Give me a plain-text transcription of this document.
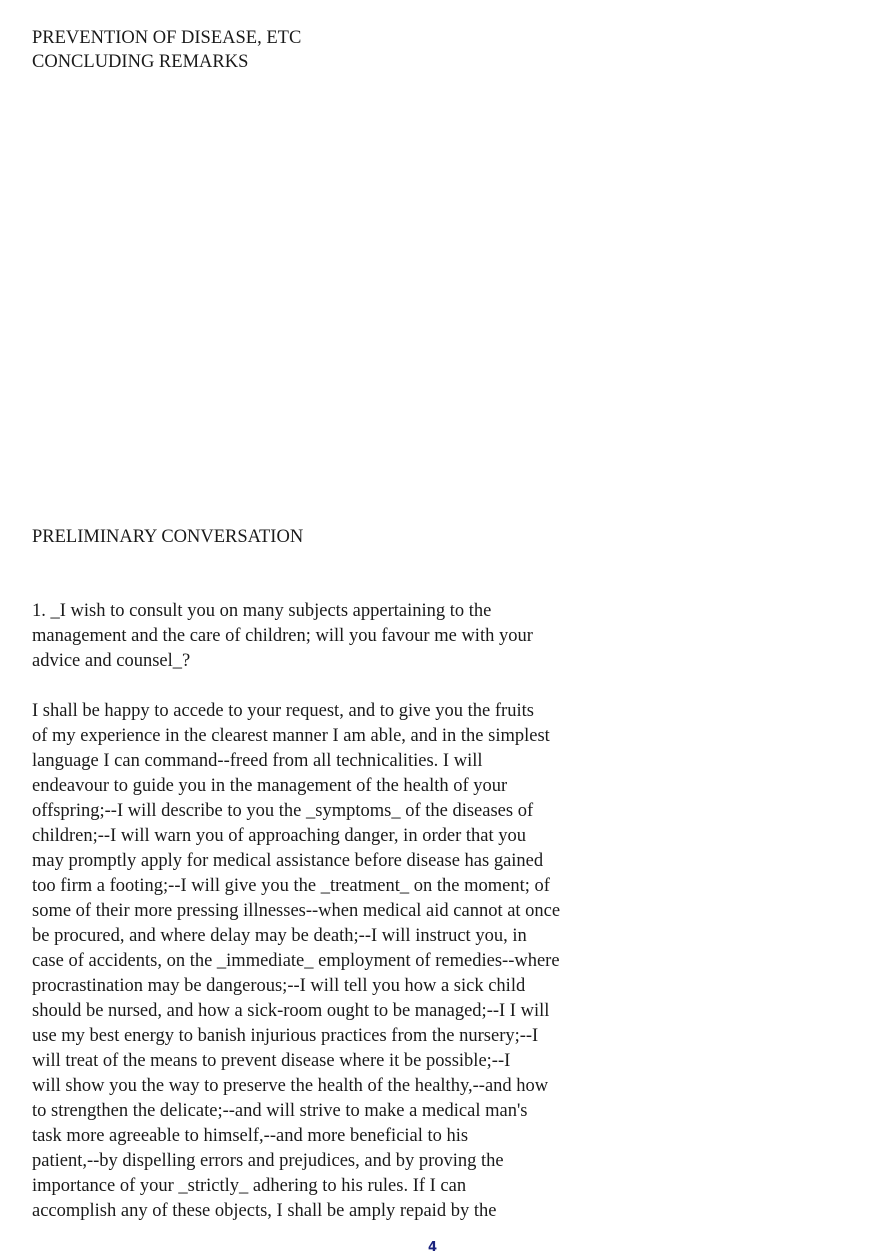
PREVENTION OF DISEASE, ETC
CONCLUDING REMARKS
PRELIMINARY CONVERSATION
1. _I wish to consult you on many subjects appertaining to the
management and the care of children; will you favour me with your
advice and counsel_?
I shall be happy to accede to your request, and to give you the fruits
of my experience in the clearest manner I am able, and in the simplest
language I can command--freed from all technicalities. I will
endeavour to guide you in the management of the health of your
offspring;--I will describe to you the _symptoms_ of the diseases of
children;--I will warn you of approaching danger, in order that you
may promptly apply for medical assistance before disease has gained
too firm a footing;--I will give you the _treatment_ on the moment; of
some of their more pressing illnesses--when medical aid cannot at once
be procured, and where delay may be death;--I will instruct you, in
case of accidents, on the _immediate_ employment of remedies--where
procrastination may be dangerous;--I will tell you how a sick child
should be nursed, and how a sick-room ought to be managed;--I I will
use my best energy to banish injurious practices from the nursery;--I
will treat of the means to prevent disease where it be possible;--I
will show you the way to preserve the health of the healthy,--and how
to strengthen the delicate;--and will strive to make a medical man's
task more agreeable to himself,--and more beneficial to his
patient,--by dispelling errors and prejudices, and by proving the
importance of your _strictly_ adhering to his rules. If I can
accomplish any of these objects, I shall be amply repaid by the
4
